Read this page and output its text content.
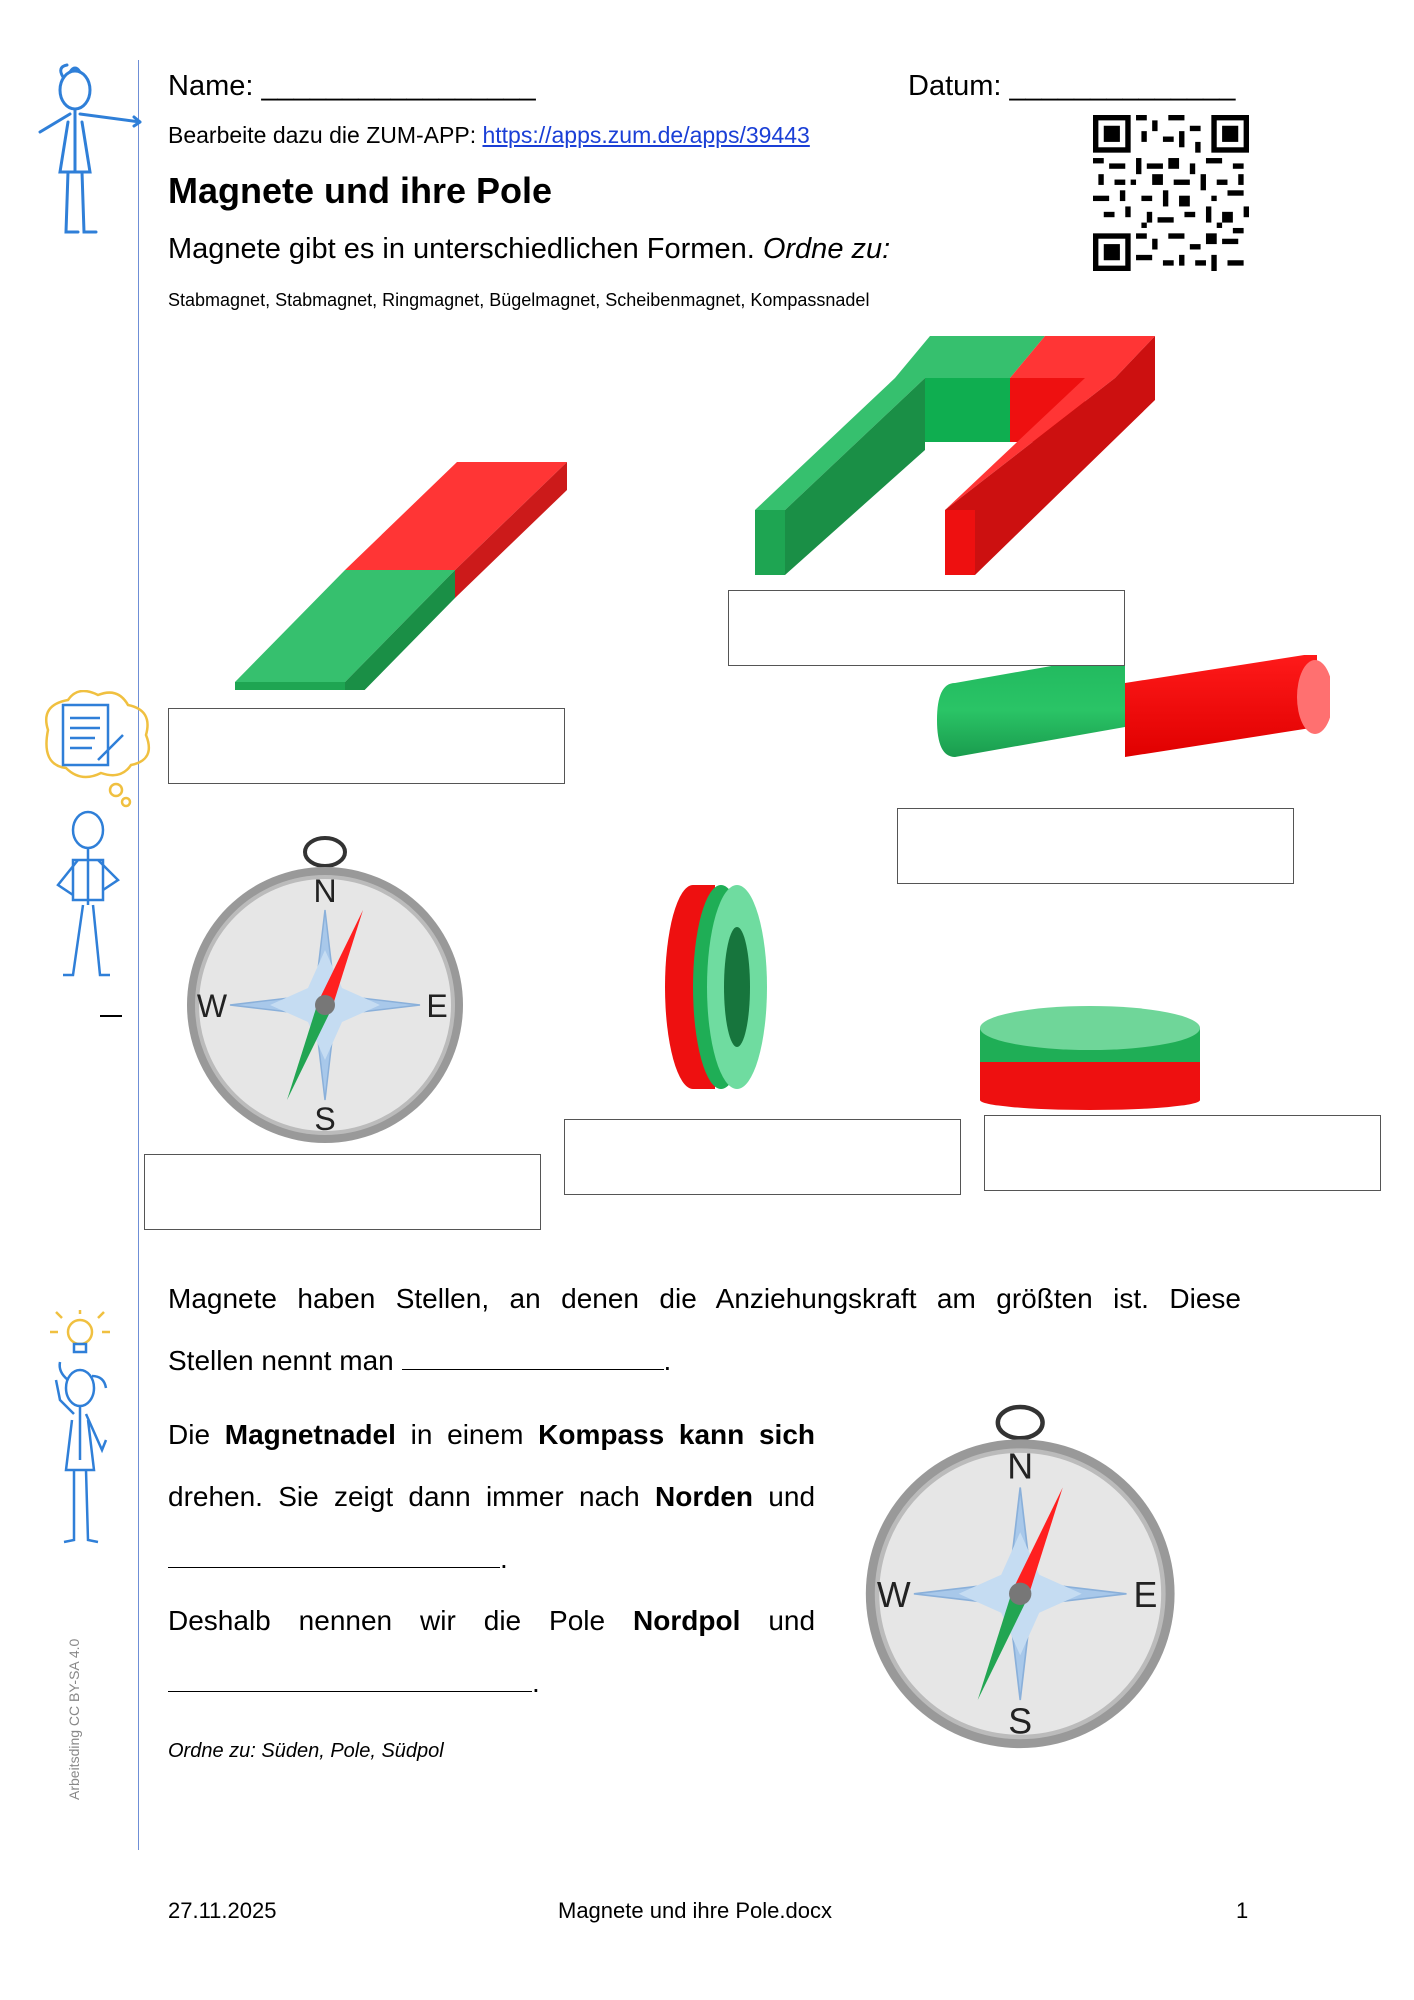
Arbeitsding CC BY-SA 4.0
Name: _________________	Datum: ______________
Bearbeite dazu die ZUM-APP: https://apps.zum.de/apps/39443
Magnete und ihre Pole
Magnete gibt es in unterschiedlichen Formen. Ordne zu:
Stabmagnet, Stabmagnet, Ringmagnet, Bügelmagnet, Scheibenmagnet, Kompassnadel
N
S
W	E
Magnete haben Stellen, an denen die Anziehungskraft am größten ist. Diese
Stellen nennt man	.
Die Magnetnadel in einem Kompass kann sich
drehen. Sie zeigt dann immer nach Norden und
.
Deshalb nennen wir die Pole Nordpol und
.
Ordne zu: Süden, Pole, Südpol
N
S
W	E
27.11.2025	Magnete und ihre Pole.docx	1
